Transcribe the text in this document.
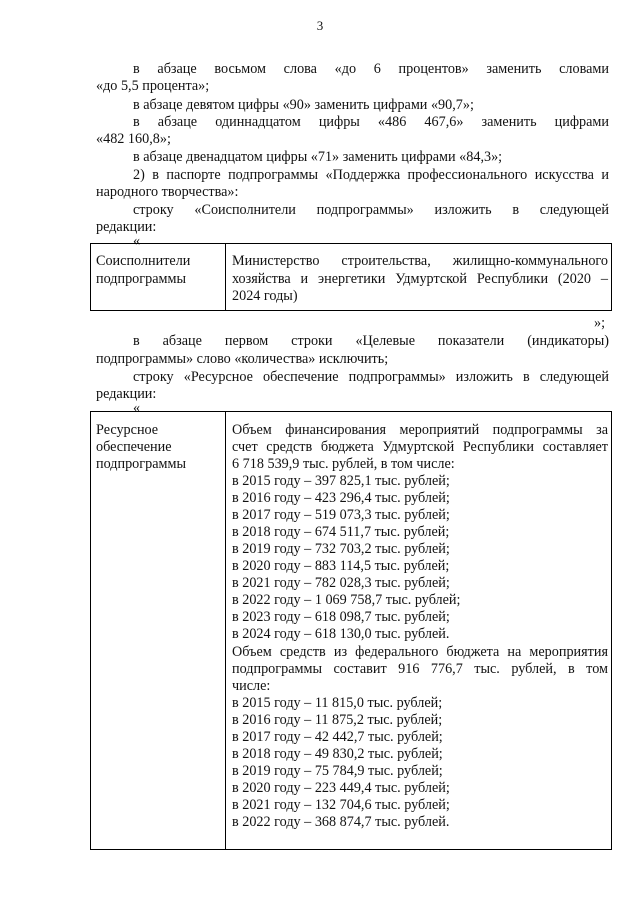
3
в абзаце восьмом слова «до 6 процентов» заменить словами
«до 5,5 процента»;
в абзаце девятом цифры «90» заменить цифрами «90,7»;
в абзаце одиннадцатом цифры «486 467,6» заменить цифрами
«482 160,8»;
в абзаце двенадцатом цифры «71» заменить цифрами «84,3»;
2) в паспорте подпрограммы «Поддержка профессионального искусства и
народного творчества»:
строку «Соисполнители подпрограммы» изложить в следующей
редакции:
«
Соисполнители
подпрограммы
Министерство строительства, жилищно-коммунального
хозяйства и энергетики Удмуртской Республики (2020 –
2024 годы)
»;
в абзаце первом строки «Целевые показатели (индикаторы)
подпрограммы» слово «количества» исключить;
строку «Ресурсное обеспечение подпрограммы» изложить в следующей
редакции:
«
Ресурсное
обеспечение
подпрограммы
Объем финансирования мероприятий подпрограммы за
счет средств бюджета Удмуртской Республики составляет
6 718 539,9 тыс. рублей, в том числе:
в 2015 году – 397 825,1 тыс. рублей;
в 2016 году – 423 296,4 тыс. рублей;
в 2017 году – 519 073,3 тыс. рублей;
в 2018 году – 674 511,7 тыс. рублей;
в 2019 году – 732 703,2 тыс. рублей;
в 2020 году – 883 114,5 тыс. рублей;
в 2021 году – 782 028,3 тыс. рублей;
в 2022 году – 1 069 758,7 тыс. рублей;
в 2023 году – 618 098,7 тыс. рублей;
в 2024 году – 618 130,0 тыс. рублей.
Объем средств из федерального бюджета на мероприятия
подпрограммы составит 916 776,7 тыс. рублей, в том
числе:
в 2015 году – 11 815,0 тыс. рублей;
в 2016 году – 11 875,2 тыс. рублей;
в 2017 году – 42 442,7 тыс. рублей;
в 2018 году – 49 830,2 тыс. рублей;
в 2019 году – 75 784,9 тыс. рублей;
в 2020 году – 223 449,4 тыс. рублей;
в 2021 году – 132 704,6 тыс. рублей;
в 2022 году – 368 874,7 тыс. рублей.
